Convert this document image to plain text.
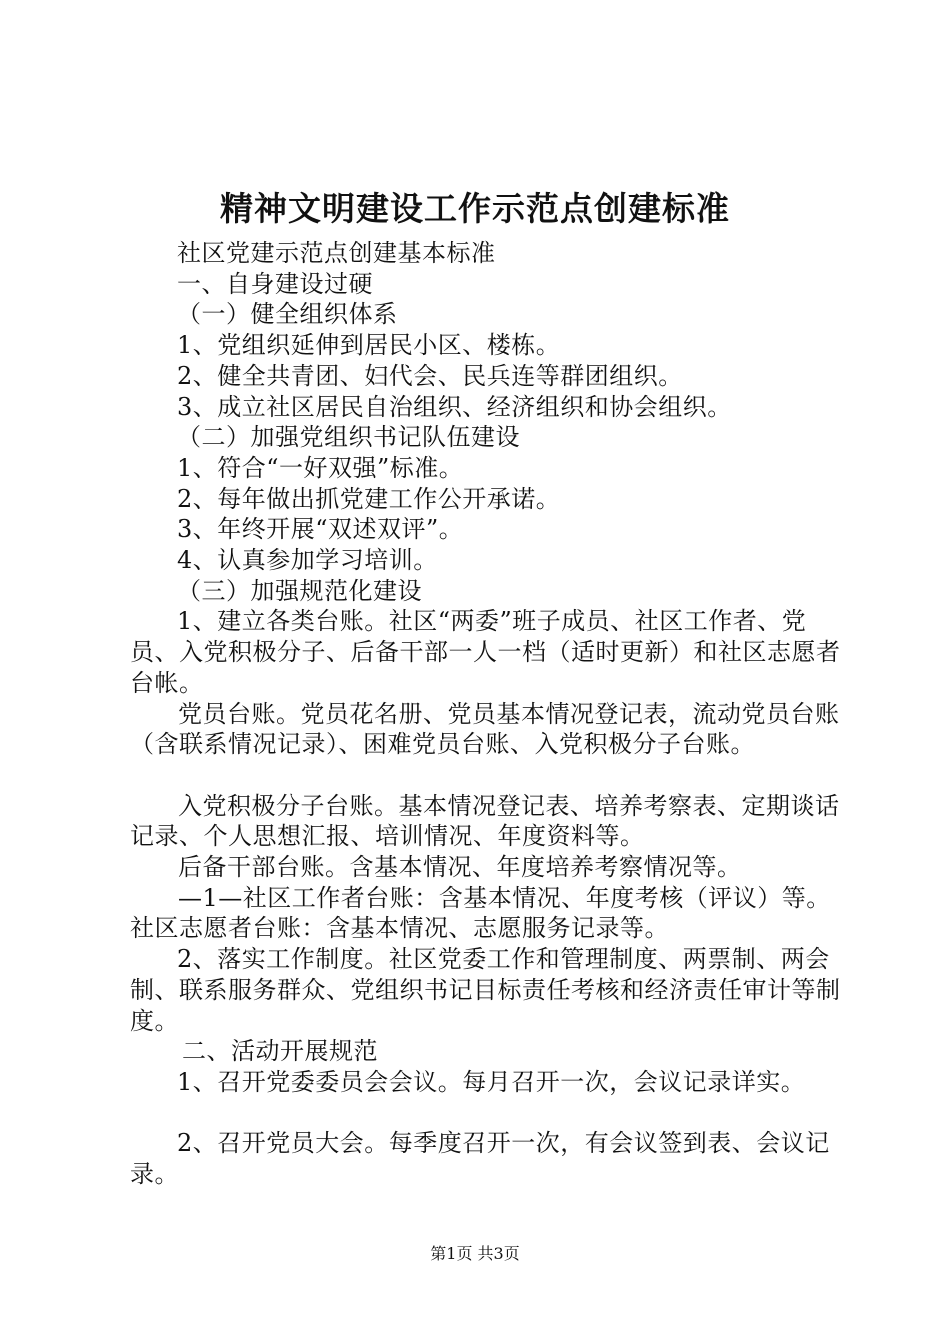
精神文明建设工作示范点创建标准

社区党建示范点创建基本标准

一、自身建设过硬

（一）健全组织体系

1、党组织延伸到居民小区、楼栋。

2、健全共青团、妇代会、民兵连等群团组织。

3、成立社区居民自治组织、经济组织和协会组织。

（二）加强党组织书记队伍建设

1、符合“一好双强”标准。

2、每年做出抓党建工作公开承诺。

3、年终开展“双述双评”。

4、认真参加学习培训。

（三）加强规范化建设

1、建立各类台账。社区“两委”班子成员、社区工作者、党员、入党积极分子、后备干部一人一档（适时更新）和社区志愿者台帐。

党员台账。党员花名册、党员基本情况登记表，流动党员台账（含联系情况记录）、困难党员台账、入党积极分子台账。

入党积极分子台账。基本情况登记表、培养考察表、定期谈话记录、个人思想汇报、培训情况、年度资料等。

后备干部台账。含基本情况、年度培养考察情况等。

—1—社区工作者台账：含基本情况、年度考核（评议）等。社区志愿者台账：含基本情况、志愿服务记录等。

2、落实工作制度。社区党委工作和管理制度、两票制、两会制、联系服务群众、党组织书记目标责任考核和经济责任审计等制度。

二、活动开展规范

1、召开党委委员会会议。每月召开一次，会议记录详实。

2、召开党员大会。每季度召开一次，有会议签到表、会议记录。

第1页 共3页
